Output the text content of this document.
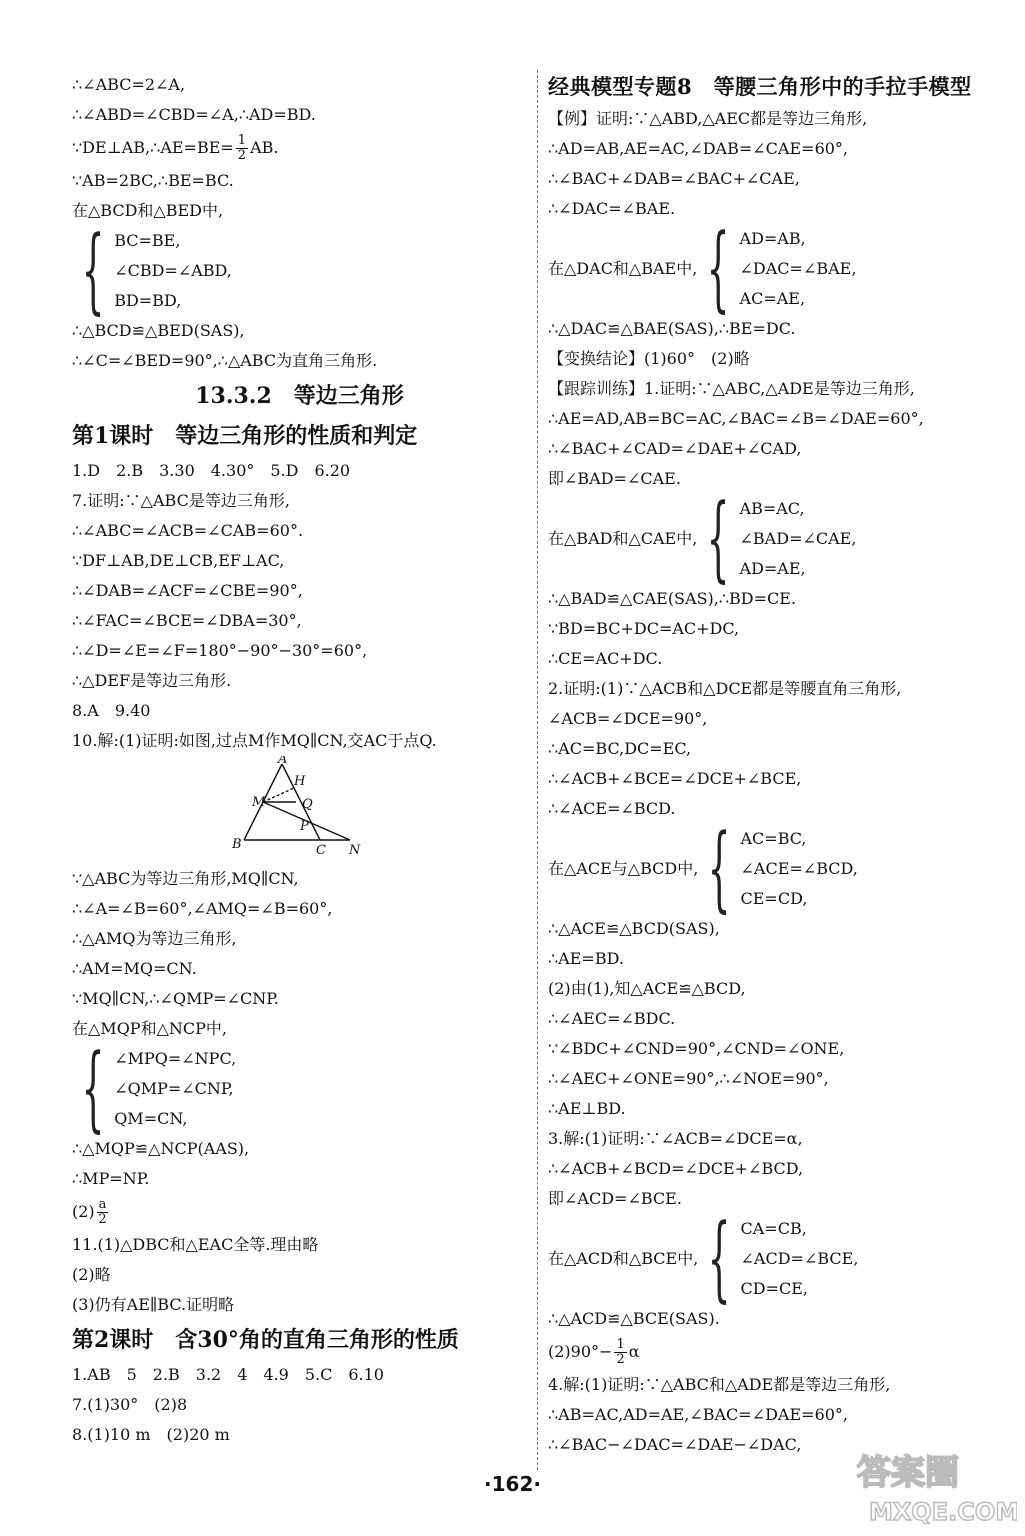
∴∠ABC=2∠A,
∴∠ABD=∠CBD=∠A,∴AD=BD.
∵DE⊥AB,∴AE=BE= $\frac{1}{2}$ AB.
∵AB=2BC,∴BE=BC.
在△BCD和△BED中,
{ BC=BE,
∠CBD=∠ABD,
BD=BD,
∴△BCD≌△BED(SAS),
∴∠C=∠BED=90°,∴△ABC为直角三角形.
13.3.2　等边三角形
第1课时　等边三角形的性质和判定
1.D　2.B　3.30　4.30°　5.D　6.20
7.证明:∵△ABC是等边三角形,
∴∠ABC=∠ACB=∠CAB=60°.
∵DF⊥AB,DE⊥CB,EF⊥AC,
∴∠DAB=∠ACF=∠CBE=90°,
∴∠FAC=∠BCE=∠DBA=30°,
∴∠D=∠E=∠F=180°−90°−30°=60°,
∴△DEF是等边三角形.
8.A　9.40
10.解:(1)证明:如图,过点M作MQ∥CN,交AC于点Q.
A
H
M	Q
P
B	C N
∵△ABC为等边三角形,MQ∥CN,
∴∠A=∠B=60°,∠AMQ=∠B=60°,
∴△AMQ为等边三角形,
∴AM=MQ=CN.
∵MQ∥CN,∴∠QMP=∠CNP.
在△MQP和△NCP中,
{ ∠MPQ=∠NPC,
∠QMP=∠CNP,
QM=CN,
∴△MQP≌△NCP(AAS),
∴MP=NP.
$(2) \frac{a}{2}$
11.(1)△DBC和△EAC全等.理由略
(2)略
(3)仍有AE∥BC.证明略
第2课时　含30°角的直角三角形的性质
1.AB　5　2.B　3.2　4　4.9　5.C　6.10
7.(1)30°　(2)8
8.(1)10 m　(2)20 m
经典模型专题8　等腰三角形中的手拉手模型
【例】证明:∵△ABD,△AEC都是等边三角形,
∴AD=AB,AE=AC,∠DAB=∠CAE=60°,
∴∠BAC+∠DAB=∠BAC+∠CAE,
∴∠DAC=∠BAE.
在△DAC和△BAE中, { AD=AB,
∠DAC=∠BAE,
AC=AE,
∴△DAC≌△BAE(SAS),∴BE=DC.
【变换结论】(1)60°　(2)略
【跟踪训练】1.证明:∵△ABC,△ADE是等边三角形,
∴AE=AD,AB=BC=AC,∠BAC=∠B=∠DAE=60°,
∴∠BAC+∠CAD=∠DAE+∠CAD,
即∠BAD=∠CAE.
在△BAD和△CAE中, { AB=AC,
∠BAD=∠CAE,
AD=AE,
∴△BAD≌△CAE(SAS),∴BD=CE.
∵BD=BC+DC=AC+DC,
∴CE=AC+DC.
2.证明:(1)∵△ACB和△DCE都是等腰直角三角形,
∠ACB=∠DCE=90°,
∴AC=BC,DC=EC,
∴∠ACB+∠BCE=∠DCE+∠BCE,
∴∠ACE=∠BCD.
在△ACE与△BCD中, { AC=BC,
∠ACE=∠BCD,
CE=CD,
∴△ACE≌△BCD(SAS),
∴AE=BD.
(2)由(1),知△ACE≌△BCD,
∴∠AEC=∠BDC.
∵∠BDC+∠CND=90°,∠CND=∠ONE,
∴∠AEC+∠ONE=90°,∴∠NOE=90°,
∴AE⊥BD.
3.解:(1)证明:∵∠ACB=∠DCE=α,
∴∠ACB+∠BCD=∠DCE+∠BCD,
即∠ACD=∠BCE.
在△ACD和△BCE中, { CA=CB,
∠ACD=∠BCE,
CD=CE,
∴△ACD≌△BCE(SAS).
$(2)90^\circ- \frac{1}{2}$ α
4.解:(1)证明:∵△ABC和△ADE都是等边三角形,
∴AB=AC,AD=AE,∠BAC=∠DAE=60°,
∴∠BAC−∠DAC=∠DAE−∠DAC,
·162·	答案圈
MXQE.COM
